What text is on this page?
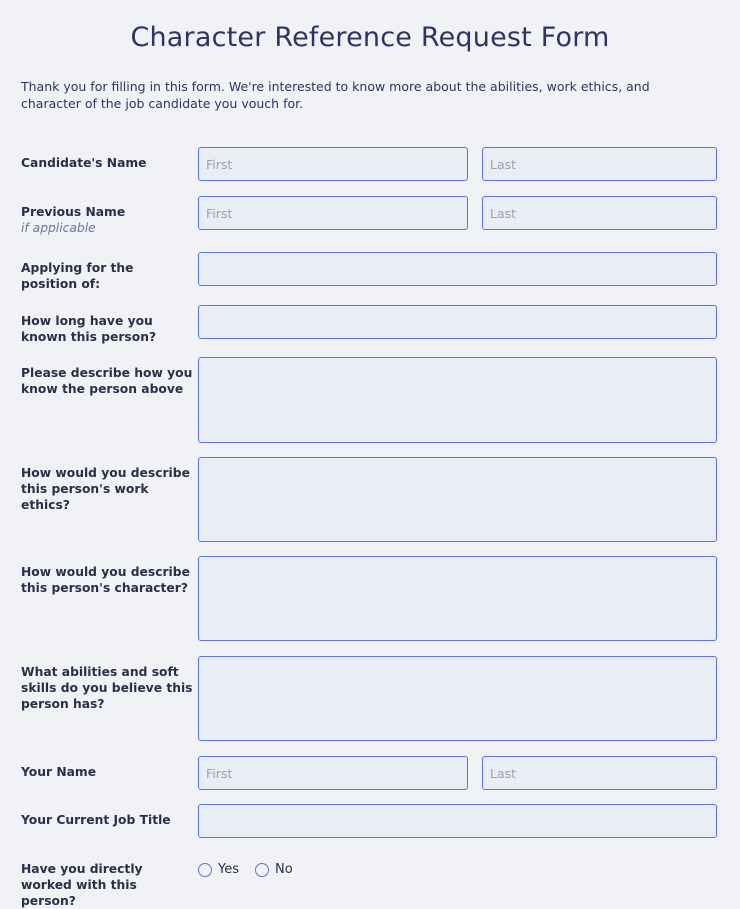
Character Reference Request Form

Thank you for filling in this form. We're interested to know more about the abilities, work ethics, and character of the job candidate you vouch for.

Candidate's Name
First
Last
Previous Name
if applicable
First
Last
Applying for the position of:
How long have you known this person?
Please describe how you know the person above
How would you describe this person's work ethics?
How would you describe this person's character?
What abilities and soft skills do you believe this person has?
Your Name
First
Last
Your Current Job Title
Have you directly worked with this person?
Yes	No
